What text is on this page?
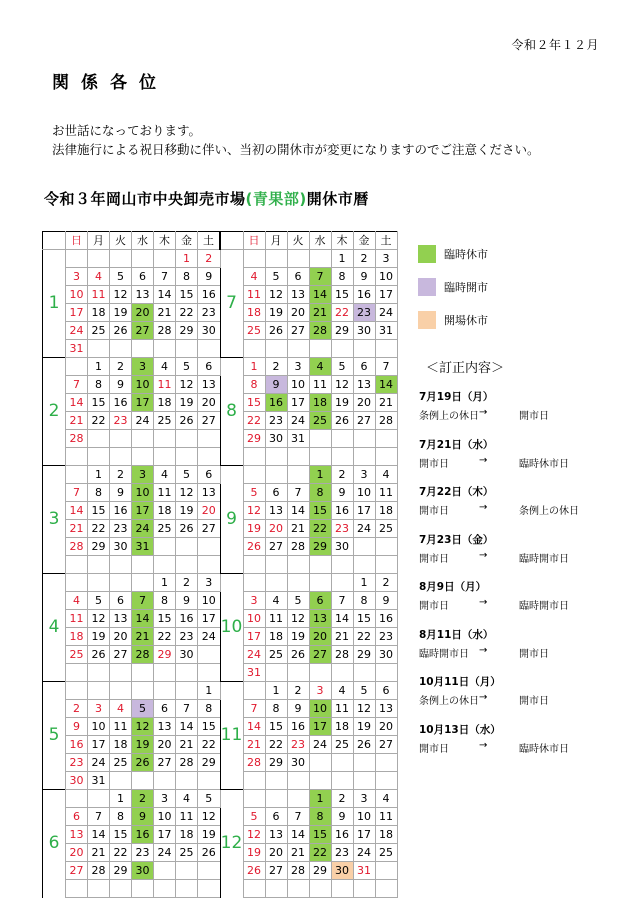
令和２年１２月
関係各位
お世話になっております。
法律施行による祝日移動に伴い、当初の開休市が変更になりますのでご注意ください。
令和３年岡山市中央卸売市場(青果部)開休市暦
	日	月	火	水	木	金	土		日	月	火	水	木	金	土	
1						1	2	7					1	2	3	
	3	4	5	6	7	8	9		4	5	6	7	8	9	10	
	10	11	12	13	14	15	16		11	12	13	14	15	16	17	
	17	18	19	20	21	22	23		18	19	20	21	22	23	24	
	24	25	26	27	28	29	30		25	26	27	28	29	30	31	
	31															
2		1	2	3	4	5	6	8	1	2	3	4	5	6	7	
	7	8	9	10	11	12	13		8	9	10	11	12	13	14	
	14	15	16	17	18	19	20		15	16	17	18	19	20	21	
	21	22	23	24	25	26	27		22	23	24	25	26	27	28	
	28								29	30	31					

3		1	2	3	4	5	6	9				1	2	3	4	
	7	8	9	10	11	12	13		5	6	7	8	9	10	11	
	14	15	16	17	18	19	20		12	13	14	15	16	17	18	
	21	22	23	24	25	26	27		19	20	21	22	23	24	25	
	28	29	30	31					26	27	28	29	30			

4					1	2	3	10						1	2	
	4	5	6	7	8	9	10		3	4	5	6	7	8	9	
	11	12	13	14	15	16	17		10	11	12	13	14	15	16	
	18	19	20	21	22	23	24		17	18	19	20	21	22	23	
	25	26	27	28	29	30			24	25	26	27	28	29	30	
									31							
5							1	11		1	2	3	4	5	6	
	2	3	4	5	6	7	8		7	8	9	10	11	12	13	
	9	10	11	12	13	14	15		14	15	16	17	18	19	20	
	16	17	18	19	20	21	22		21	22	23	24	25	26	27	
	23	24	25	26	27	28	29		28	29	30					
	30	31														
6			1	2	3	4	5	12				1	2	3	4	
	6	7	8	9	10	11	12		5	6	7	8	9	10	11	
	13	14	15	16	17	18	19		12	13	14	15	16	17	18	
	20	21	22	23	24	25	26		19	20	21	22	23	24	25	
	27	28	29	30					26	27	28	29	30	31		

臨時休市
臨時開市
開場休市
＜訂正内容＞
7月19日（月）
条例上の休日 →	開市日
7月21日（水）
開市日	→	臨時休市日
7月22日（木）
開市日	→	条例上の休日
7月23日（金）
開市日	→	臨時開市日
8月9日（月）
開市日	→	臨時開市日
8月11日（水）
臨時開市日	→	開市日
10月11日（月）
条例上の休日 →	開市日
10月13日（水）
開市日	→	臨時休市日
